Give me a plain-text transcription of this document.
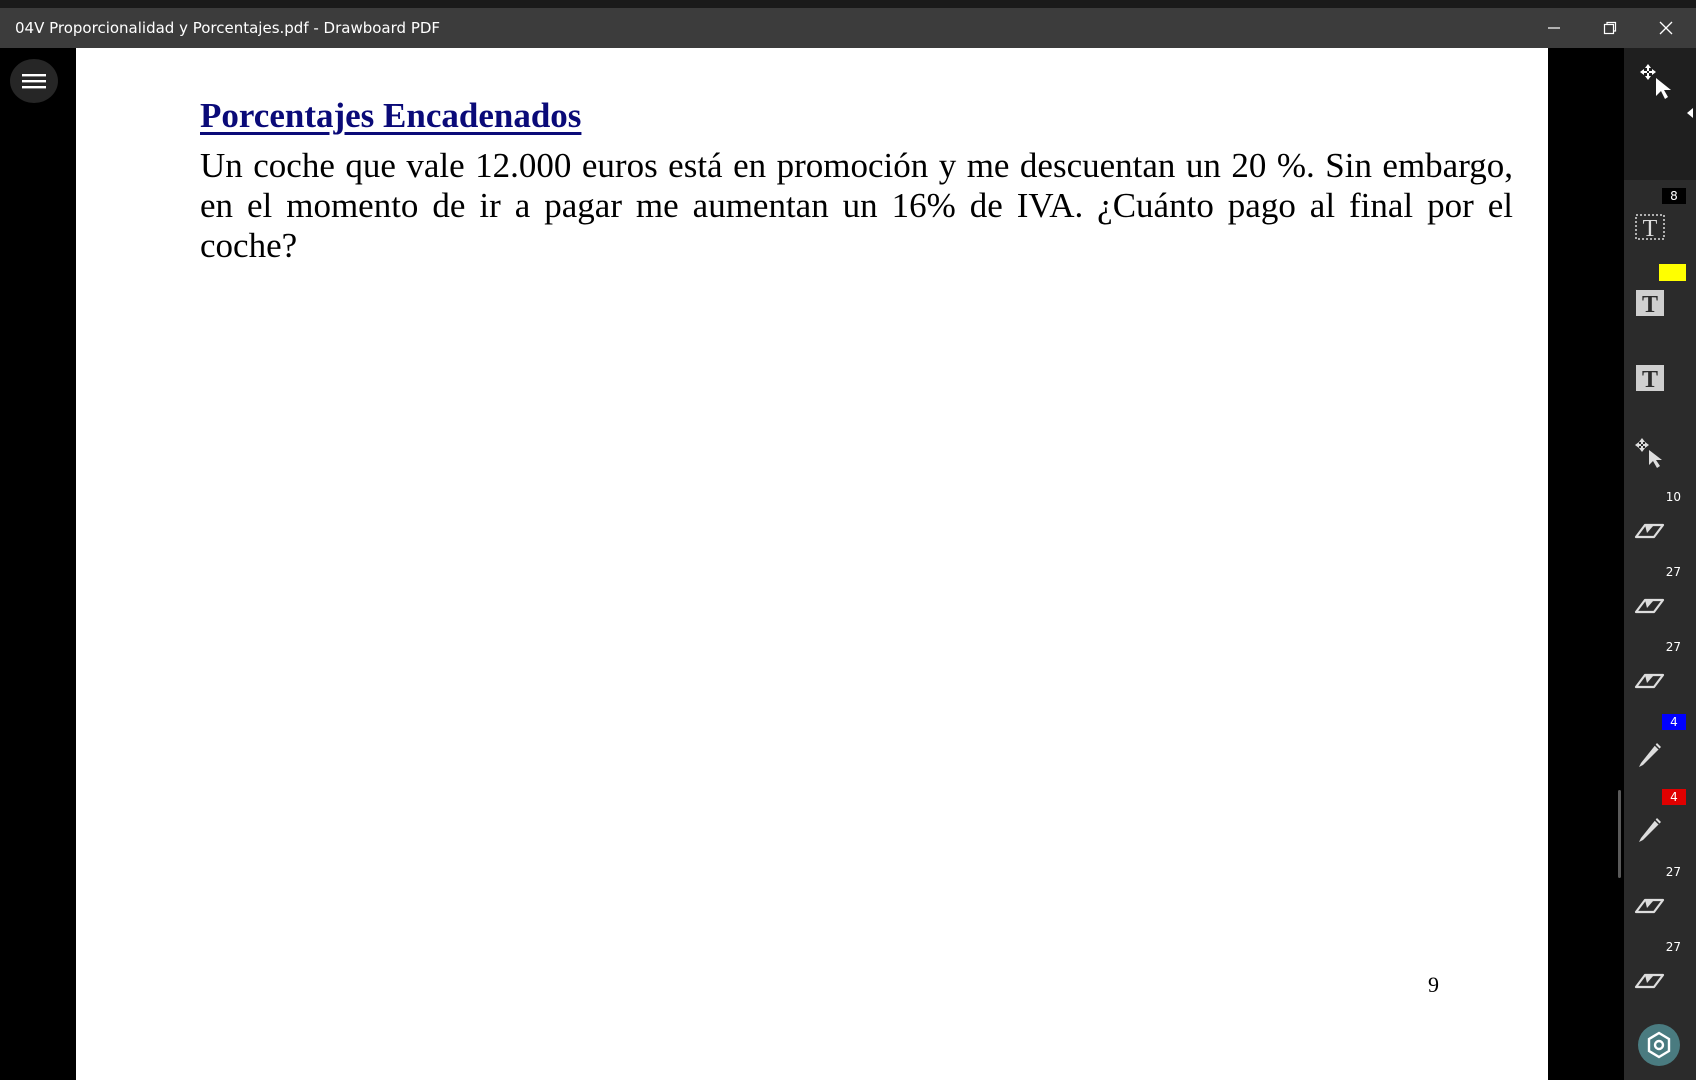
04V Proporcionalidad y Porcentajes.pdf - Drawboard PDF
Porcentajes Encadenados

Un coche que vale 12.000 euros está en promoción y me descuentan un 20 %. Sin embargo, en el momento de ir a pagar me aumentan un 16% de IVA. ¿Cuánto pago al final por el coche?

9
8
T
T
T
10
27
27
4
4
27
27
